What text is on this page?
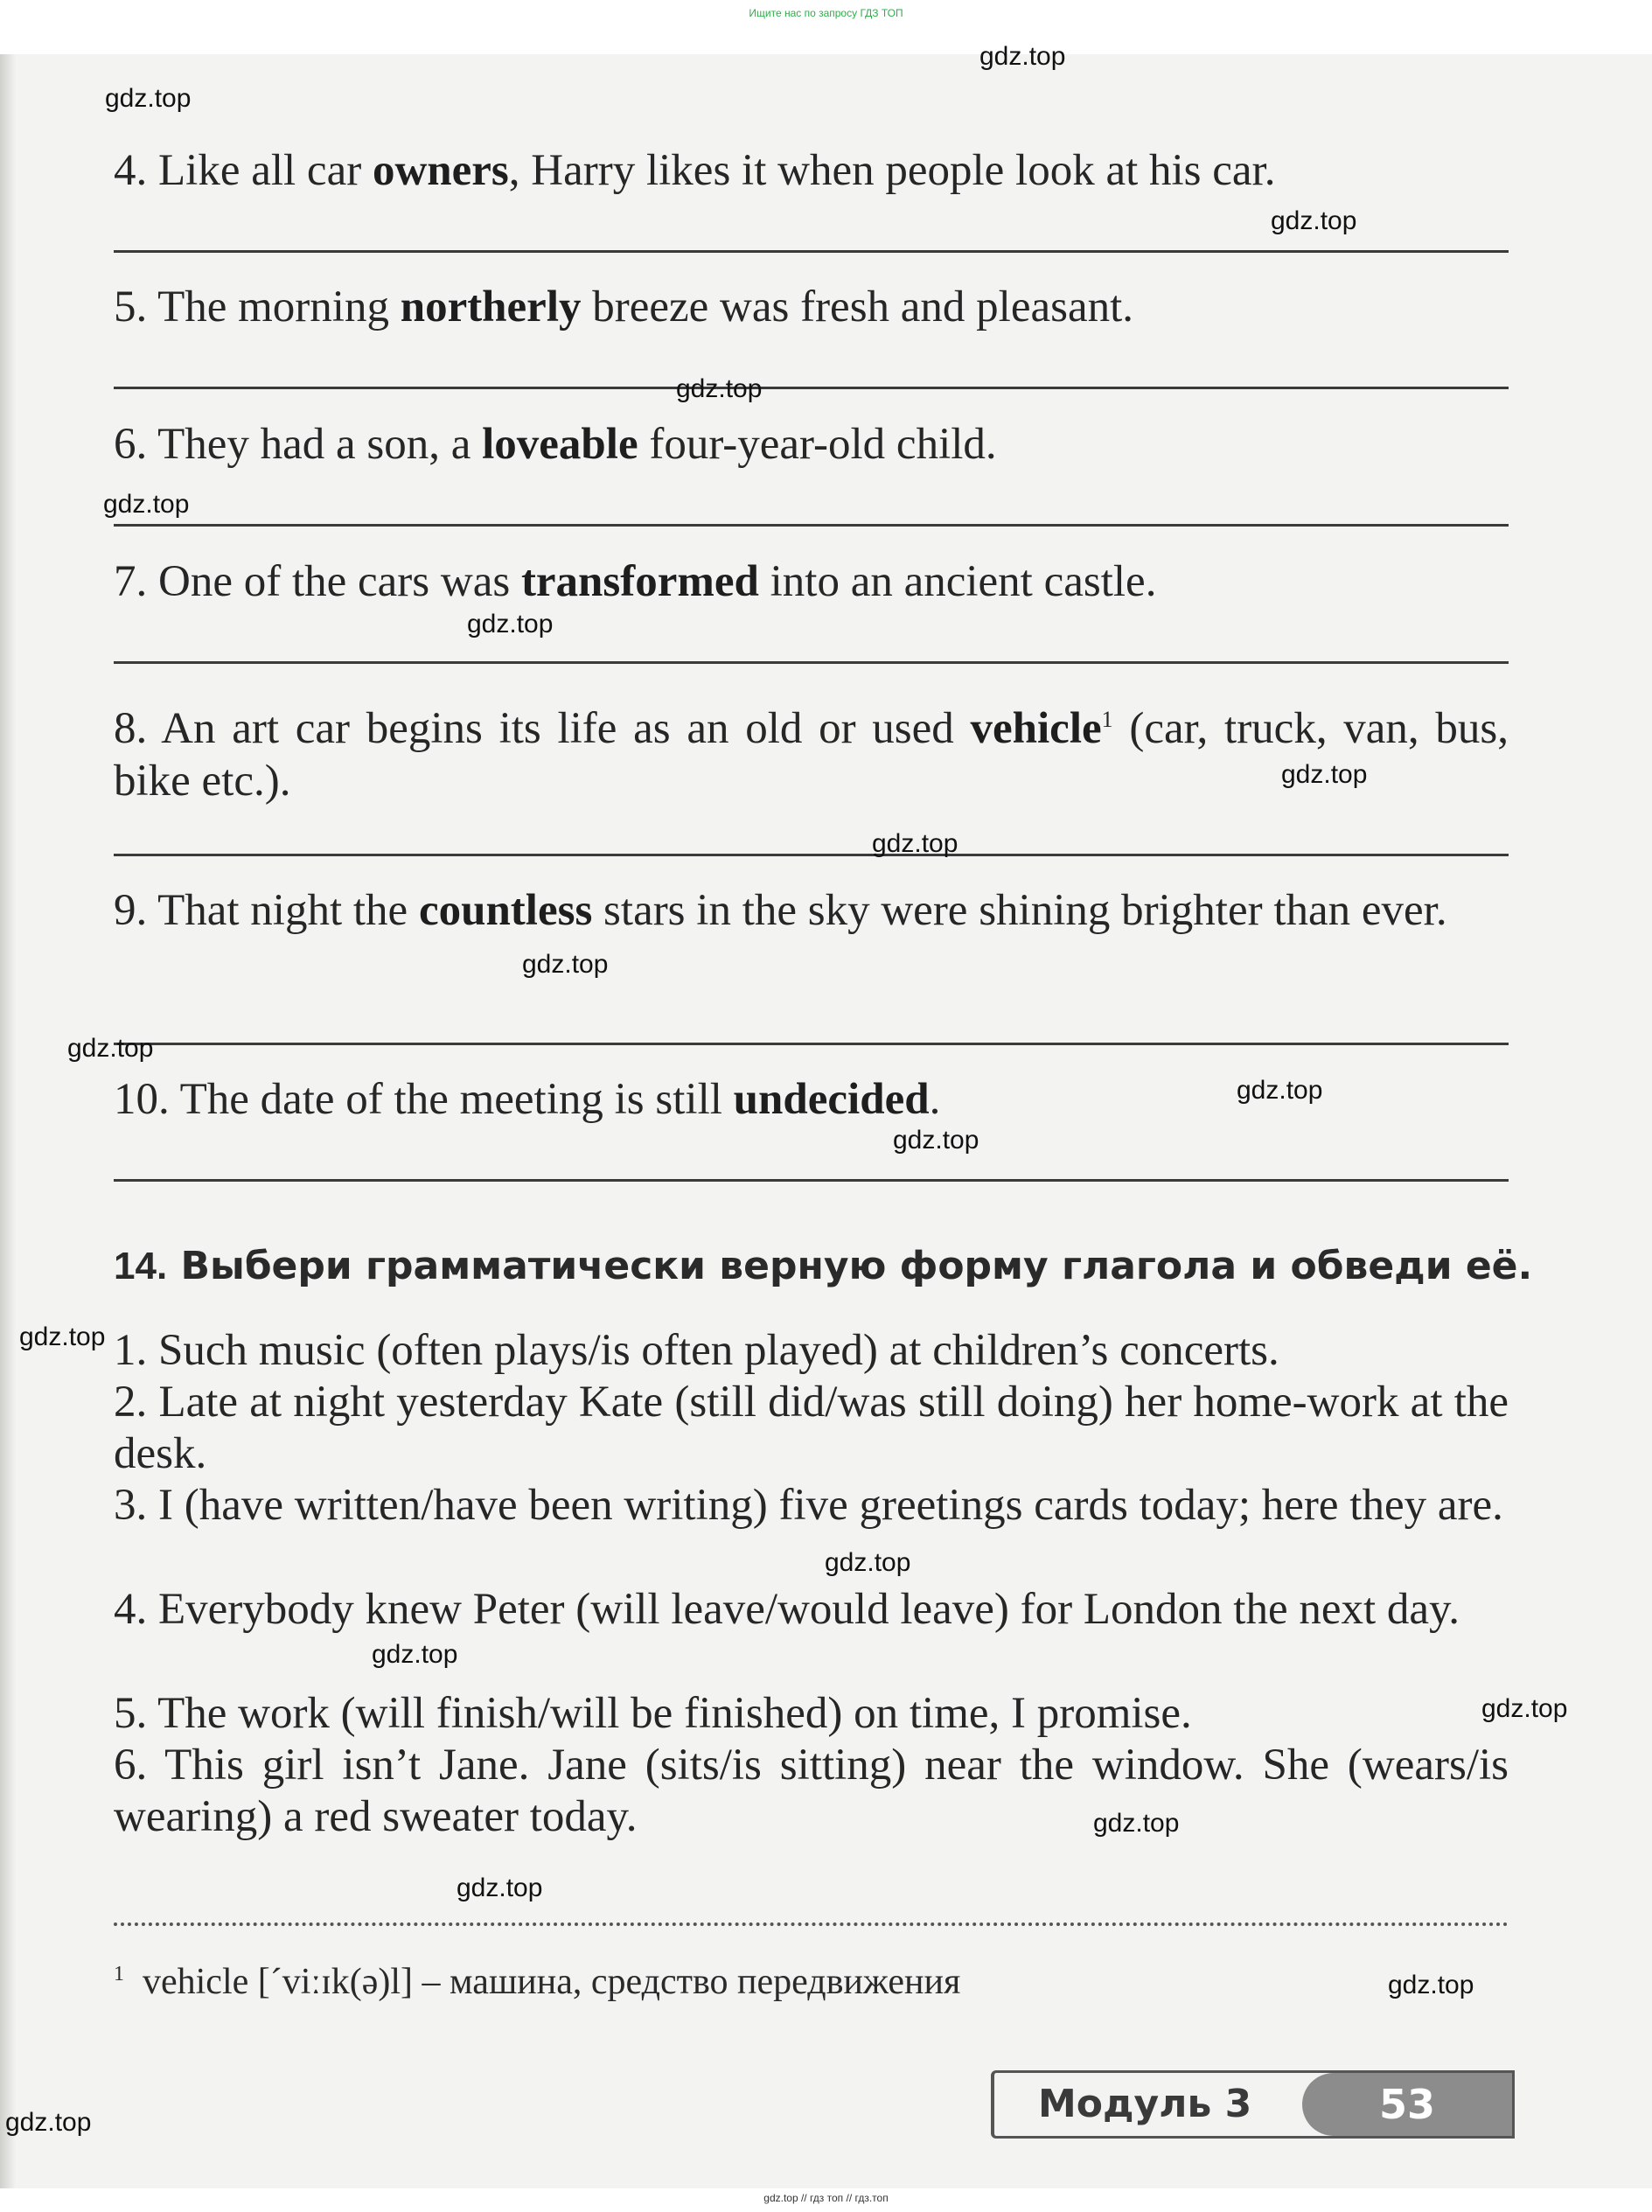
Ищите нас по запросу ГДЗ ТОП

4. Like all car owners, Harry likes it when people look at his car.

5. The morning northerly breeze was fresh and pleasant.

6. They had a son, a loveable four-year-old child.

7. One of the cars was transformed into an ancient castle.

8. An art car begins its life as an old or used vehicle$^1$ (car, truck, van, bus, bike etc.).

9. That night the countless stars in the sky were shining brighter than ever.

10. The date of the meeting is still undecided.

14. Выбери грамматически верную форму глагола и обведи её.

1. Such music (often plays/is often played) at children’s concerts.

2. Late at night yesterday Kate (still did/was still doing) her home-work at the desk.

3. I (have written/have been writing) five greetings cards today; here they are.

4. Everybody knew Peter (will leave/would leave) for London the next day.

5. The work (will finish/will be finished) on time, I promise.

6. This girl isn’t Jane. Jane (sits/is sitting) near the window. She (wears/is wearing) a red sweater today.

$^1$ vehicle [´viːɪk(ə)l] – машина, средство передвижения

Модуль 3	53
gdz.top
gdz.top
gdz.top
gdz.top
gdz.top
gdz.top
gdz.top
gdz.top
gdz.top
gdz.top
gdz.top
gdz.top
gdz.top
gdz.top
gdz.top
gdz.top
gdz.top
gdz.top
gdz.top
gdz.top
gdz.top // гдз топ // гдз.топ
